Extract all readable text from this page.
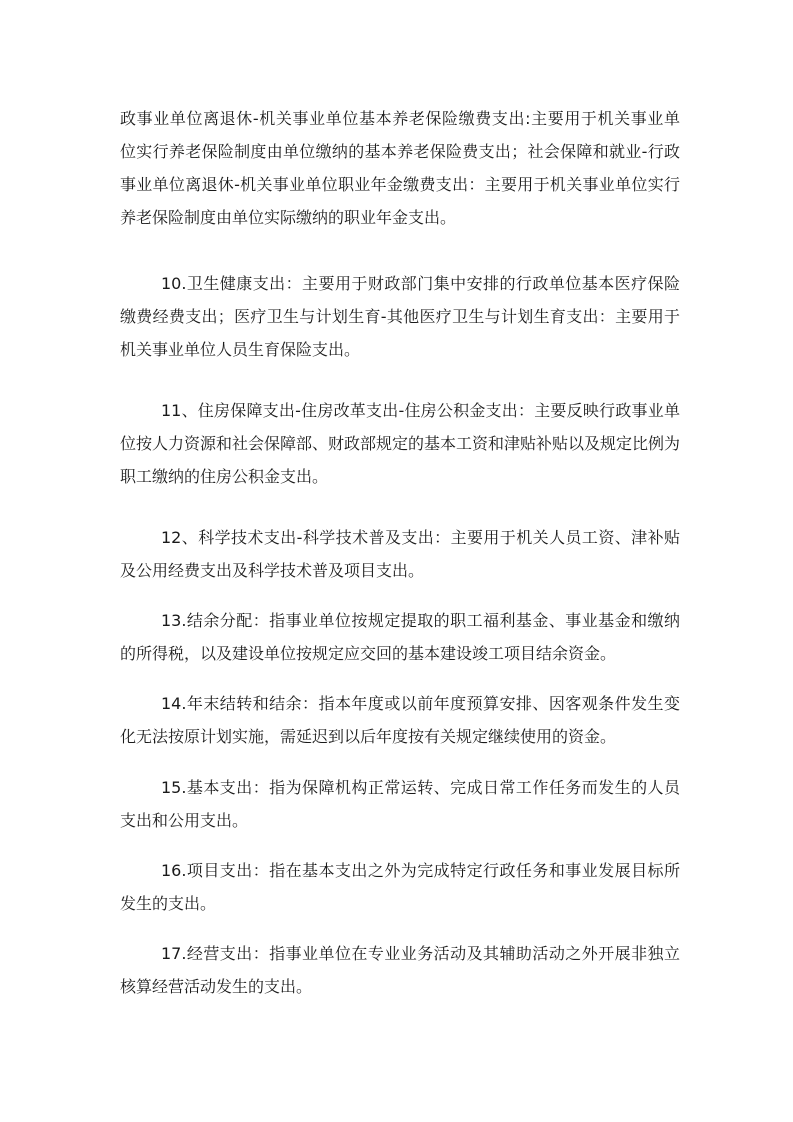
政事业单位离退休-机关事业单位基本养老保险缴费支出:主要用于机关事业单
位实行养老保险制度由单位缴纳的基本养老保险费支出；社会保障和就业-行政
事业单位离退休-机关事业单位职业年金缴费支出：主要用于机关事业单位实行
养老保险制度由单位实际缴纳的职业年金支出。
10.卫生健康支出：主要用于财政部门集中安排的行政单位基本医疗保险
缴费经费支出；医疗卫生与计划生育-其他医疗卫生与计划生育支出：主要用于
机关事业单位人员生育保险支出。
11、住房保障支出-住房改革支出-住房公积金支出：主要反映行政事业单
位按人力资源和社会保障部、财政部规定的基本工资和津贴补贴以及规定比例为
职工缴纳的住房公积金支出。
12、科学技术支出-科学技术普及支出：主要用于机关人员工资、津补贴
及公用经费支出及科学技术普及项目支出。
13.结余分配：指事业单位按规定提取的职工福利基金、事业基金和缴纳
的所得税，以及建设单位按规定应交回的基本建设竣工项目结余资金。
14.年末结转和结余：指本年度或以前年度预算安排、因客观条件发生变
化无法按原计划实施，需延迟到以后年度按有关规定继续使用的资金。
15.基本支出：指为保障机构正常运转、完成日常工作任务而发生的人员
支出和公用支出。
16.项目支出：指在基本支出之外为完成特定行政任务和事业发展目标所
发生的支出。
17.经营支出：指事业单位在专业业务活动及其辅助活动之外开展非独立
核算经营活动发生的支出。
